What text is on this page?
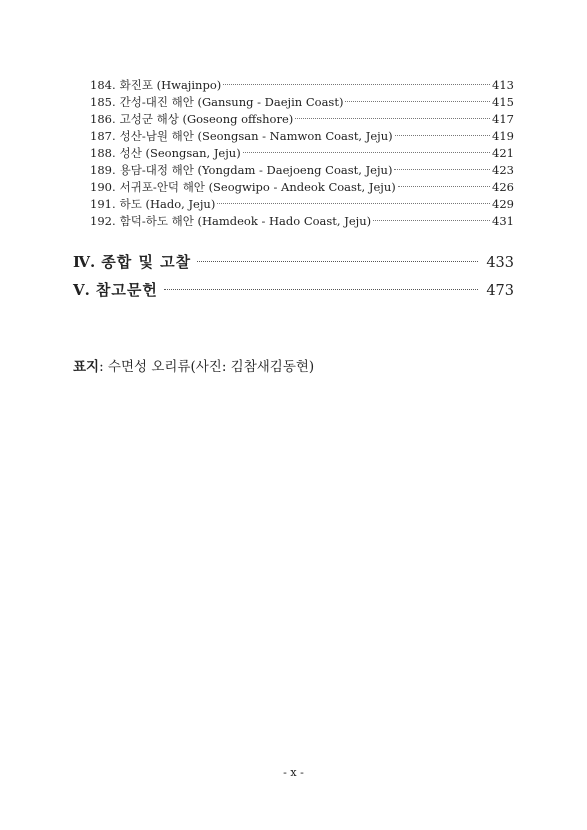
184. 화진포 (Hwajinpo)	413
185. 간성-대진 해안 (Gansung - Daejin Coast)	415
186. 고성군 해상 (Goseong offshore)	417
187. 성산-남원 해안 (Seongsan - Namwon Coast, Jeju)	419
188. 성산 (Seongsan, Jeju)	421
189. 용담-대정 해안 (Yongdam - Daejoeng Coast, Jeju)	423
190. 서귀포-안덕 해안 (Seogwipo - Andeok Coast, Jeju)	426
191. 하도 (Hado, Jeju)	429
192. 함덕-하도 해안 (Hamdeok - Hado Coast, Jeju)	431
Ⅳ. 종합 및 고찰	433
Ⅴ. 참고문헌	473
표지: 수면성 오리류(사진: 김참새김동현)
- x -
